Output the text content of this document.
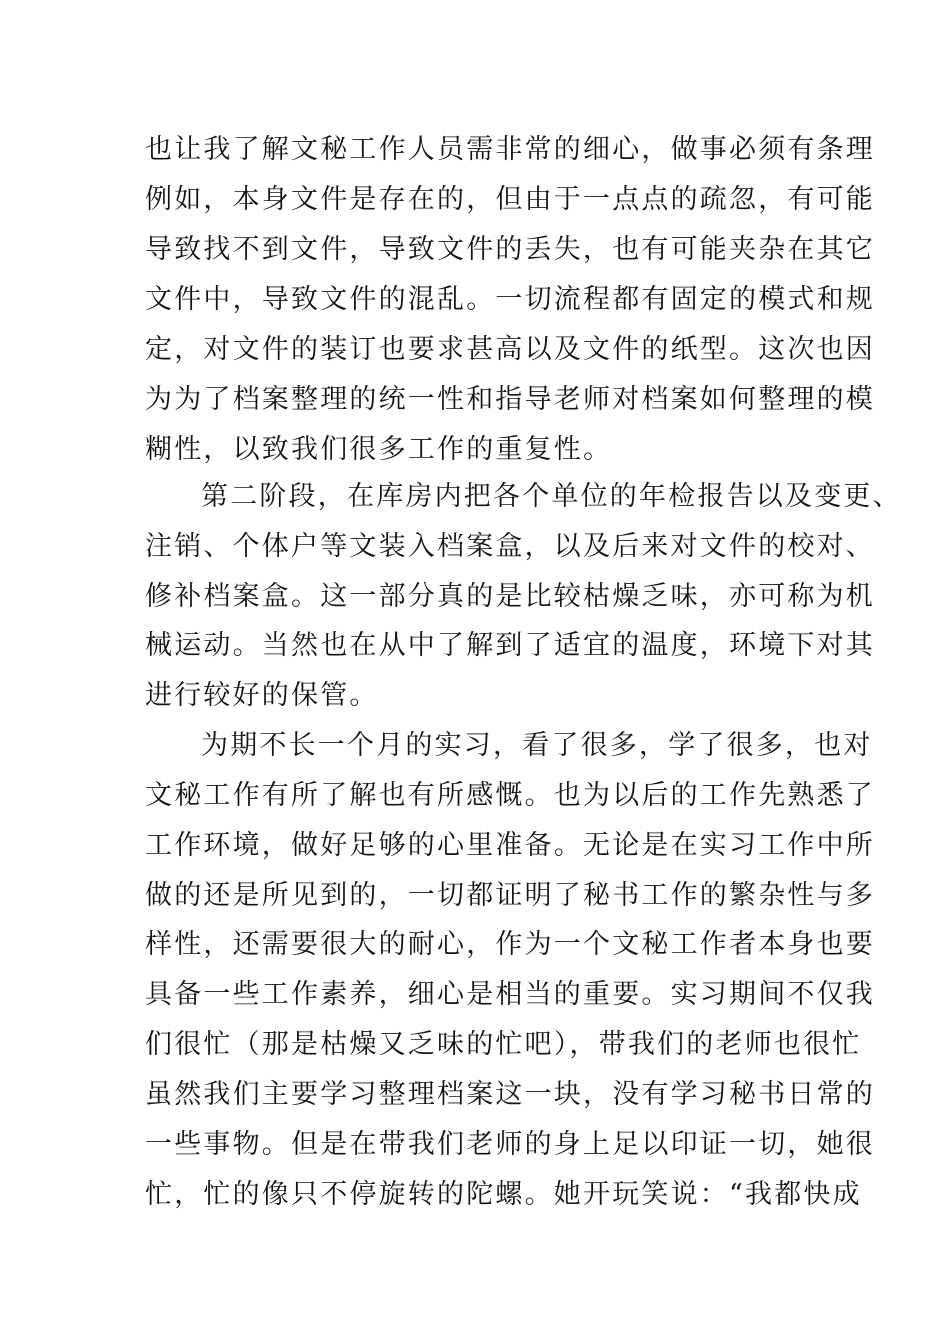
也让我了解文秘工作人员需非常的细心，做事必须有条理
例如，本身文件是存在的，但由于一点点的疏忽，有可能
导致找不到文件，导致文件的丢失，也有可能夹杂在其它
文件中，导致文件的混乱。一切流程都有固定的模式和规
定，对文件的装订也要求甚高以及文件的纸型。这次也因
为为了档案整理的统一性和指导老师对档案如何整理的模
糊性，以致我们很多工作的重复性。
第二阶段，在库房内把各个单位的年检报告以及变更、
注销、个体户等文装入档案盒，以及后来对文件的校对、
修补档案盒。这一部分真的是比较枯燥乏味，亦可称为机
械运动。当然也在从中了解到了适宜的温度，环境下对其
进行较好的保管。
为期不长一个月的实习，看了很多，学了很多，也对
文秘工作有所了解也有所感慨。也为以后的工作先熟悉了
工作环境，做好足够的心里准备。无论是在实习工作中所
做的还是所见到的，一切都证明了秘书工作的繁杂性与多
样性，还需要很大的耐心，作为一个文秘工作者本身也要
具备一些工作素养，细心是相当的重要。实习期间不仅我
们很忙（那是枯燥又乏味的忙吧），带我们的老师也很忙
虽然我们主要学习整理档案这一块，没有学习秘书日常的
一些事物。但是在带我们老师的身上足以印证一切，她很
忙，忙的像只不停旋转的陀螺。她开玩笑说：“我都快成
